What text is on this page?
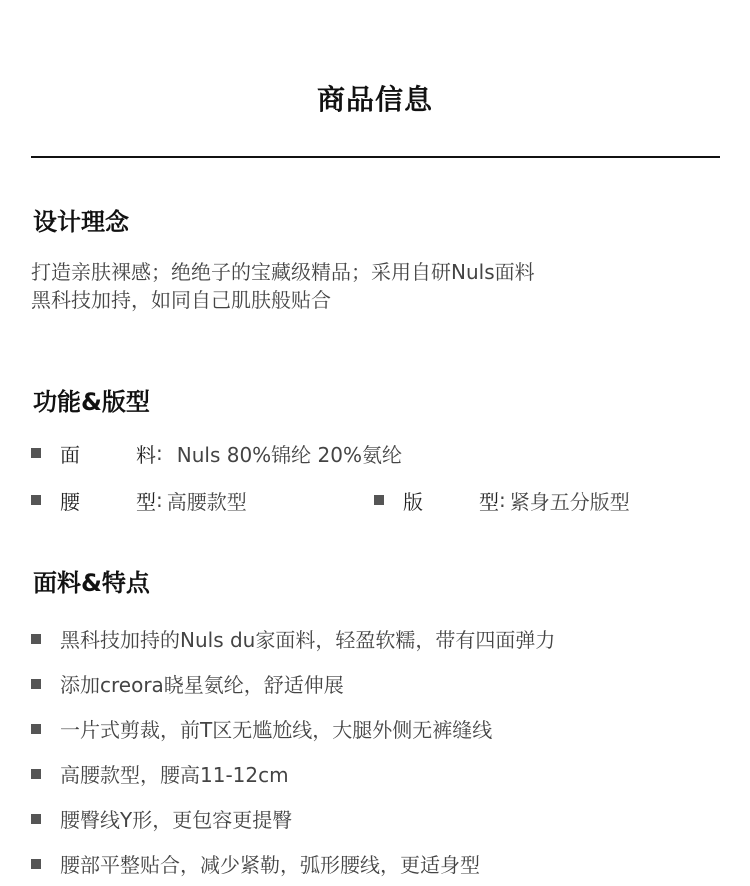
商品信息
设计理念
打造亲肤裸感；绝绝子的宝藏级精品；采用自研Nuls面料
黑科技加持，如同自己肌肤般贴合
功能&版型
面	料 : Nuls 80%锦纶 20%氨纶
腰	型 : 高腰款型	版	型 : 紧身五分版型
面料&特点
黑科技加持的Nuls du家面料，轻盈软糯，带有四面弹力
添加creora晓星氨纶，舒适伸展
一片式剪裁，前T区无尴尬线，大腿外侧无裤缝线
高腰款型，腰高11-12cm
腰臀线Y形，更包容更提臀
腰部平整贴合，减少紧勒，弧形腰线，更适身型
